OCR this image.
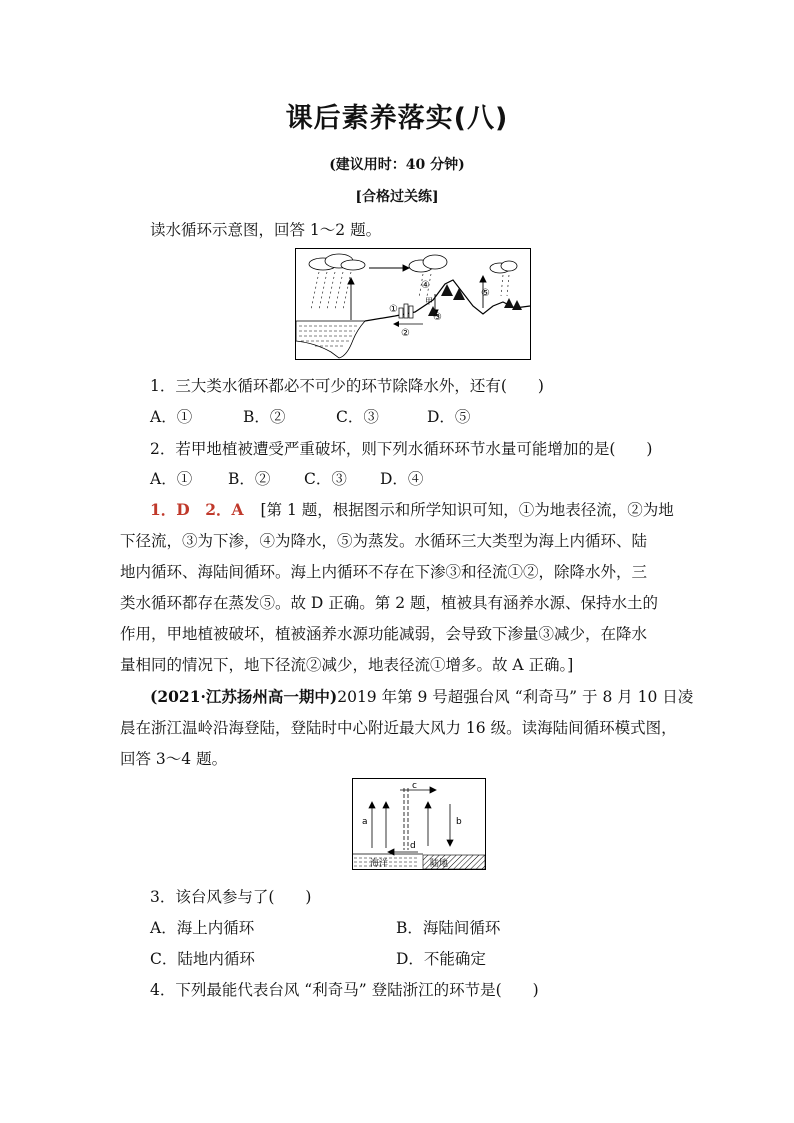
课后素养落实(八)
(建议用时：40 分钟)
[合格过关练]
读水循环示意图，回答 1～2 题。
①
②
③
④
⑤
甲
1．三大类水循环都必不可少的环节除降水外，还有(　　)
A．①	B．②	C．③	D．⑤
2．若甲地植被遭受严重破坏，则下列水循环环节水量可能增加的是(　　)
A．① B．② C．③ D．④
1．D　2．A [第 1 题，根据图示和所学知识可知，①为地表径流，②为地
下径流，③为下渗，④为降水，⑤为蒸发。水循环三大类型为海上内循环、陆
地内循环、海陆间循环。海上内循环不存在下渗③和径流①②，除降水外，三
类水循环都存在蒸发⑤。故 D 正确。第 2 题，植被具有涵养水源、保持水土的
作用，甲地植被破坏，植被涵养水源功能减弱，会导致下渗量③减少，在降水
量相同的情况下，地下径流②减少，地表径流①增多。故 A 正确。]
(2021·江苏扬州高一期中)2019 年第 9 号超强台风 “利奇马” 于 8 月 10 日凌
晨在浙江温岭沿海登陆，登陆时中心附近最大风力 16 级。读海陆间循环模式图，
回答 3～4 题。
a	b
c
d
海洋	陆地
3．该台风参与了(　　)
A．海上内循环	B．海陆间循环
C．陆地内循环	D．不能确定
4．下列最能代表台风 “利奇马” 登陆浙江的环节是(　　)
